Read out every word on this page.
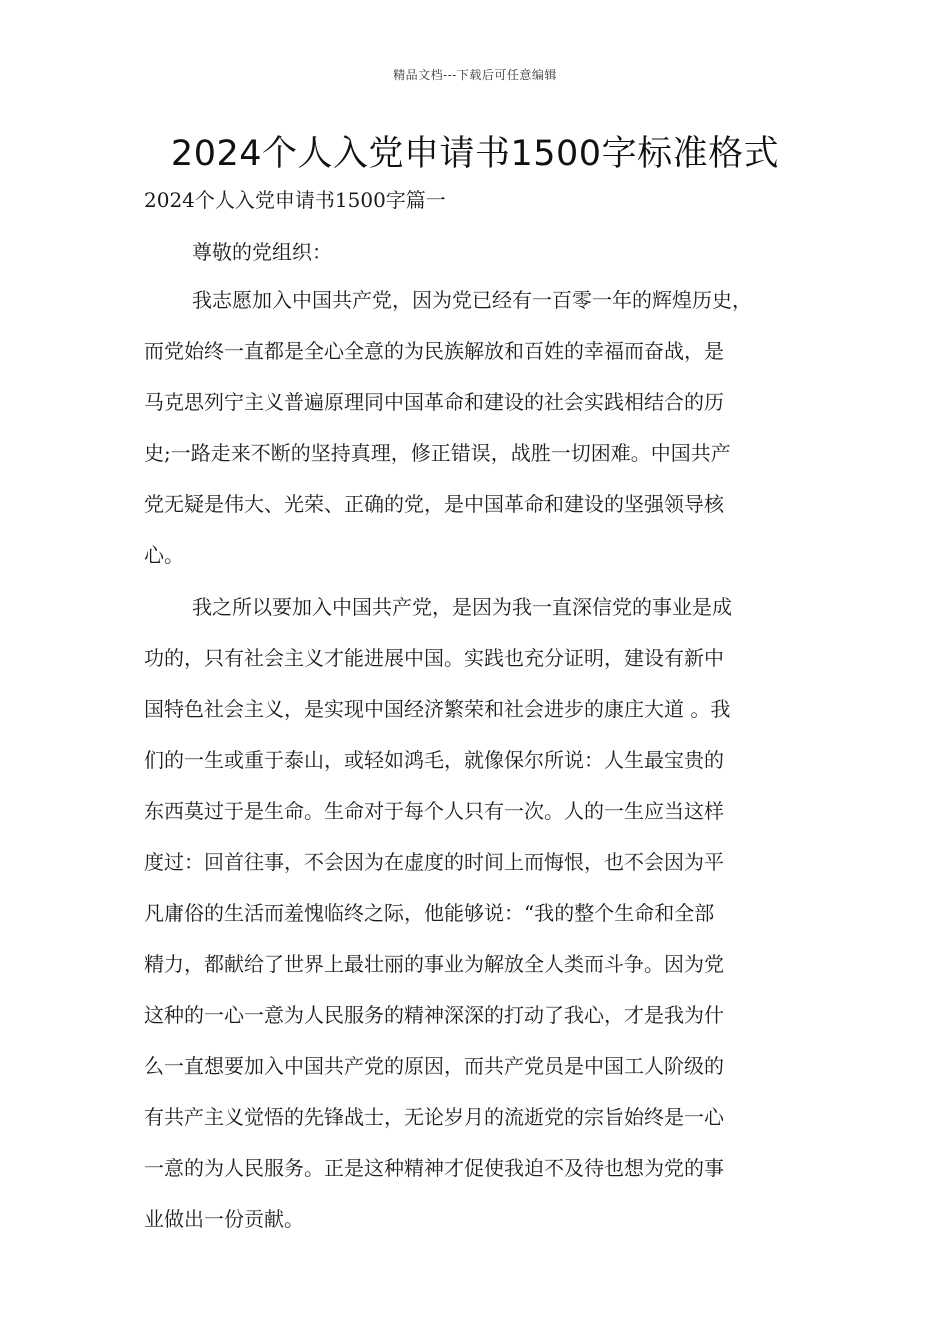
精品文档---下载后可任意编辑
2024个人入党申请书1500字标准格式
2024个人入党申请书1500字篇一
尊敬的党组织：
我志愿加入中国共产党，因为党已经有一百零一年的辉煌历史，
而党始终一直都是全心全意的为民族解放和百姓的幸福而奋战，是
马克思列宁主义普遍原理同中国革命和建设的社会实践相结合的历
史;一路走来不断的坚持真理，修正错误，战胜一切困难。中国共产
党无疑是伟大、光荣、正确的党，是中国革命和建设的坚强领导核
心。
我之所以要加入中国共产党，是因为我一直深信党的事业是成
功的，只有社会主义才能进展中国。实践也充分证明，建设有新中
国特色社会主义，是实现中国经济繁荣和社会进步的康庄大道 。我
们的一生或重于泰山，或轻如鸿毛，就像保尔所说：人生最宝贵的
东西莫过于是生命。生命对于每个人只有一次。人的一生应当这样
度过：回首往事，不会因为在虚度的时间上而悔恨，也不会因为平
凡庸俗的生活而羞愧临终之际，他能够说：“我的整个生命和全部
精力，都献给了世界上最壮丽的事业为解放全人类而斗争。因为党
这种的一心一意为人民服务的精神深深的打动了我心，才是我为什
么一直想要加入中国共产党的原因，而共产党员是中国工人阶级的
有共产主义觉悟的先锋战士，无论岁月的流逝党的宗旨始终是一心
一意的为人民服务。正是这种精神才促使我迫不及待也想为党的事
业做出一份贡献。
